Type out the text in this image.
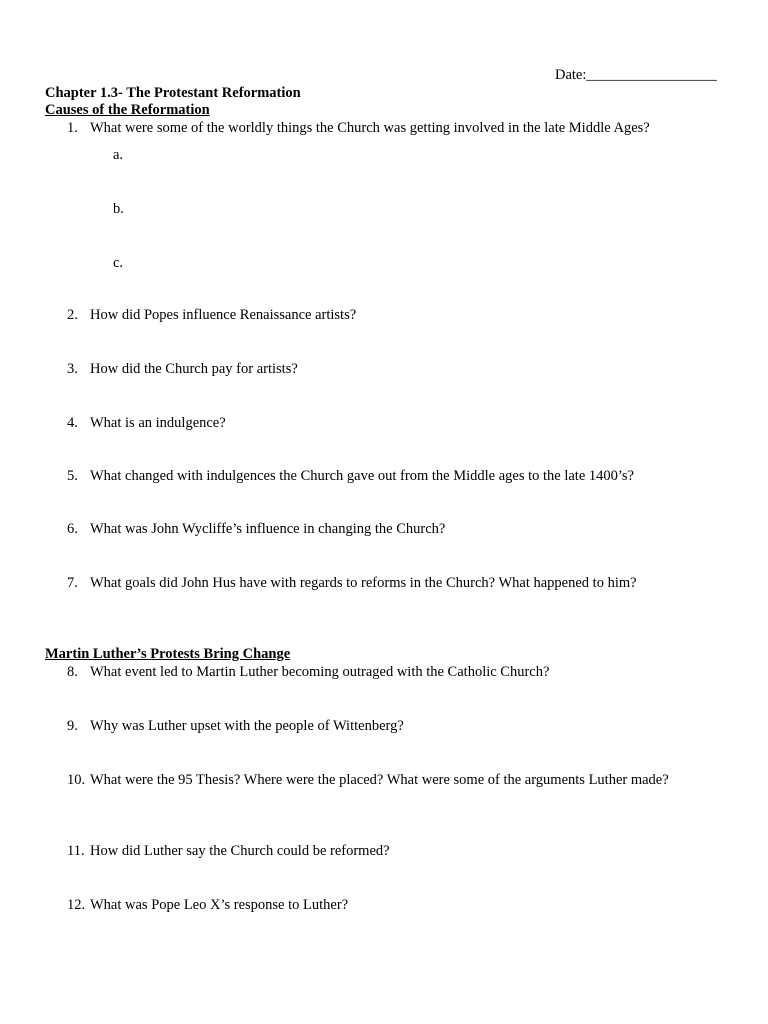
Date:__________________
Chapter 1.3- The Protestant Reformation
Causes of the Reformation
1. What were some of the worldly things the Church was getting involved in the late Middle Ages?
a.
b.
c.
2. How did Popes influence Renaissance artists?
3. How did the Church pay for artists?
4. What is an indulgence?
5. What changed with indulgences the Church gave out from the Middle ages to the late 1400’s?
6. What was John Wycliffe’s influence in changing the Church?
7. What goals did John Hus have with regards to reforms in the Church? What happened to him?
Martin Luther’s Protests Bring Change
8. What event led to Martin Luther becoming outraged with the Catholic Church?
9. Why was Luther upset with the people of Wittenberg?
10. What were the 95 Thesis? Where were the placed? What were some of the arguments Luther made?
11. How did Luther say the Church could be reformed?
12. What was Pope Leo X’s response to Luther?
